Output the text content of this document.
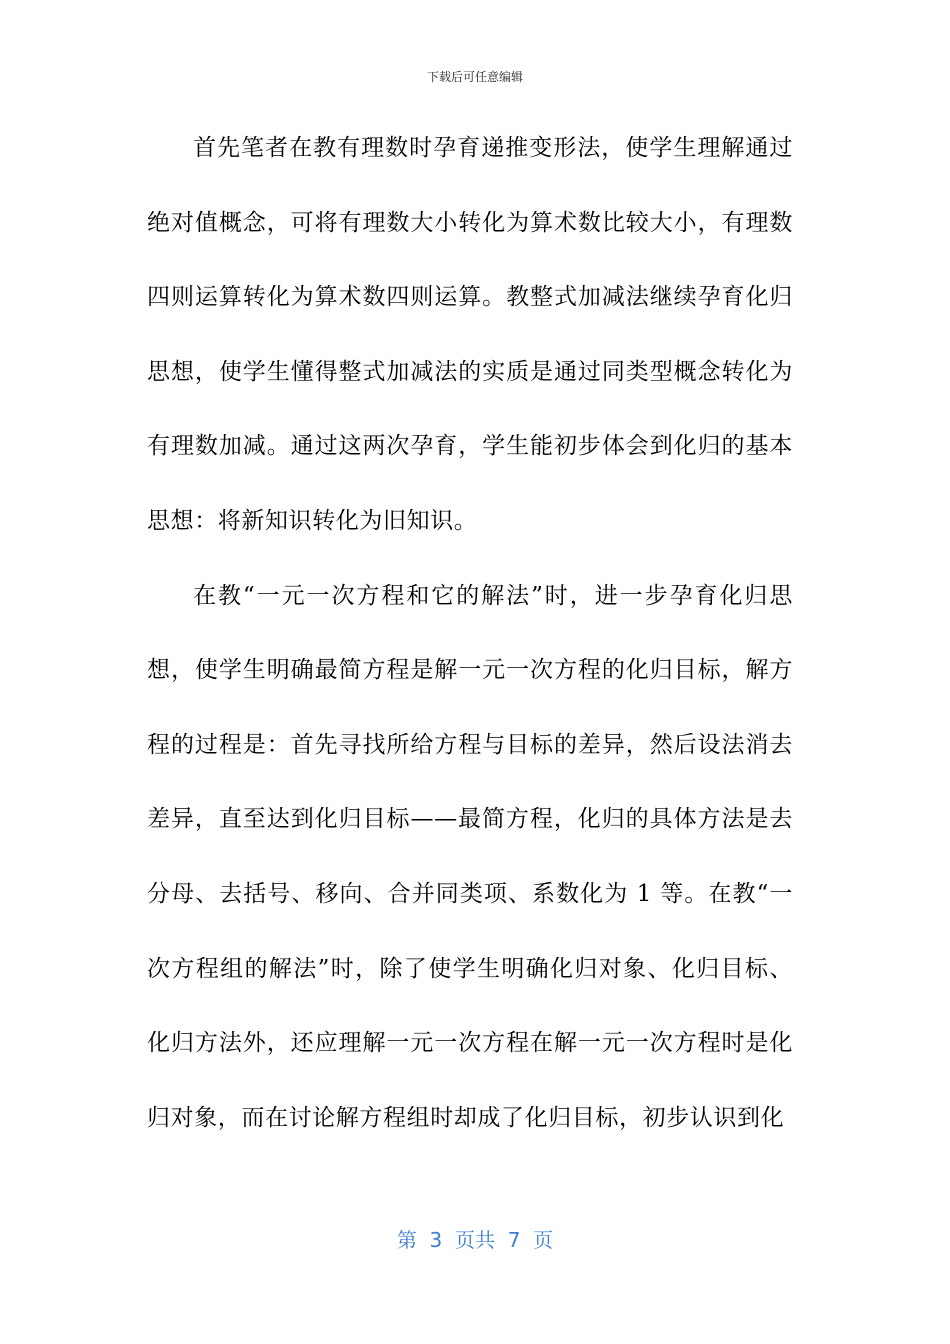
下载后可任意编辑

首先笔者在教有理数时孕育递推变形法，使学生理解通过绝对值概念，可将有理数大小转化为算术数比较大小，有理数四则运算转化为算术数四则运算。教整式加减法继续孕育化归思想，使学生懂得整式加减法的实质是通过同类型概念转化为有理数加减。通过这两次孕育，学生能初步体会到化归的基本思想：将新知识转化为旧知识。

在教“一元一次方程和它的解法”时，进一步孕育化归思想，使学生明确最简方程是解一元一次方程的化归目标，解方程的过程是：首先寻找所给方程与目标的差异，然后设法消去差异，直至达到化归目标——最简方程，化归的具体方法是去分母、去括号、移向、合并同类项、系数化为 1 等。在教“一次方程组的解法”时，除了使学生明确化归对象、化归目标、化归方法外，还应理解一元一次方程在解一元一次方程时是化归对象，而在讨论解方程组时却成了化归目标，初步认识到化

第  3  页共  7  页
